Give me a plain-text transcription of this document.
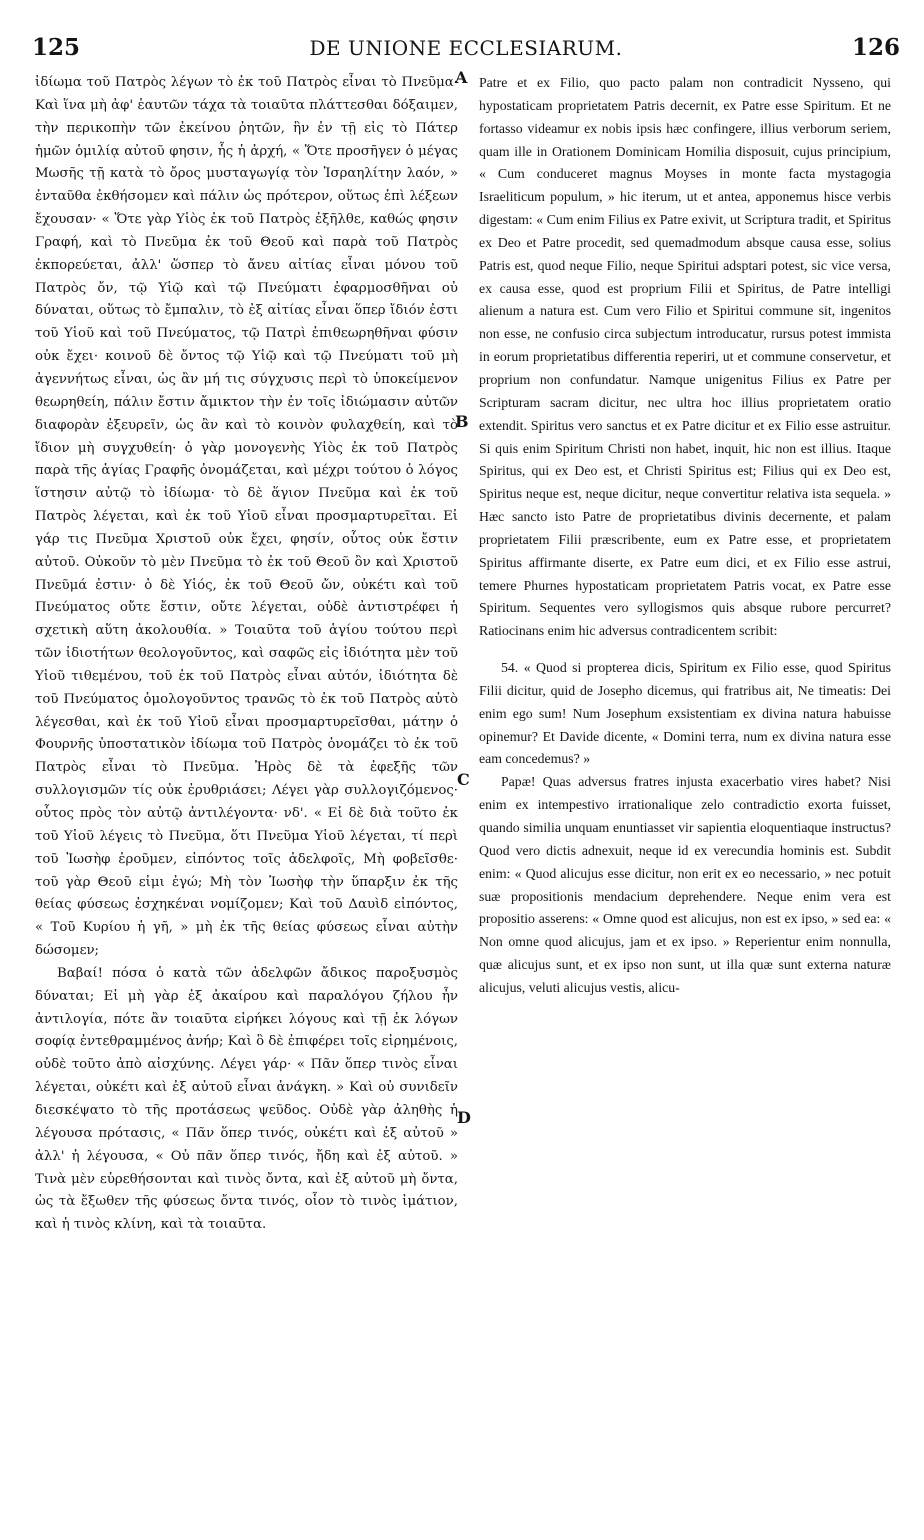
125	DE UNIONE ECCLESIARUM.	126

ἰδίωμα τοῦ Πατρὸς λέγων τὸ ἐκ τοῦ Πατρὸς εἶναι τὸ Πνεῦμα· Καὶ ἵνα μὴ ἀφ' ἑαυτῶν τάχα τὰ τοιαῦτα πλάττεσθαι δόξαιμεν, τὴν περικοπὴν τῶν ἐκείνου ῥητῶν, ἣν ἐν τῇ εἰς τὸ Πάτερ ἡμῶν ὁμιλίᾳ αὐτοῦ φησιν, ἧς ἡ ἀρχή, « Ὅτε προσῆγεν ὁ μέγας Μωσῆς τῇ κατὰ τὸ ὄρος μυσταγωγίᾳ τὸν Ἰσραηλίτην λαόν, » ἐνταῦθα ἐκθήσομεν καὶ πάλιν ὡς πρότερον, οὕτως ἐπὶ λέξεων ἔχουσαν· « Ὅτε γὰρ Υἱὸς ἐκ τοῦ Πατρὸς ἐξῆλθε, καθώς φησιν Γραφή, καὶ τὸ Πνεῦμα ἐκ τοῦ Θεοῦ καὶ παρὰ τοῦ Πατρὸς ἐκπορεύεται, ἀλλ' ὥσπερ τὸ ἄνευ αἰτίας εἶναι μόνου τοῦ Πατρὸς ὄν, τῷ Υἱῷ καὶ τῷ Πνεύματι ἐφαρμοσθῆναι οὐ δύναται, οὕτως τὸ ἔμπαλιν, τὸ ἐξ αἰτίας εἶναι ὅπερ ἴδιόν ἐστι τοῦ Υἱοῦ καὶ τοῦ Πνεύματος, τῷ Πατρὶ ἐπιθεωρηθῆναι φύσιν οὐκ ἔχει· κοινοῦ δὲ ὄντος τῷ Υἱῷ καὶ τῷ Πνεύματι τοῦ μὴ ἀγεννήτως εἶναι, ὡς ἂν μή τις σύγχυσις περὶ τὸ ὑποκείμενον θεωρηθείη, πάλιν ἔστιν ἄμικτον τὴν ἐν τοῖς ἰδιώμασιν αὐτῶν διαφορὰν ἐξευρεῖν, ὡς ἂν καὶ τὸ κοινὸν φυλαχθείη, καὶ τὸ ἴδιον μὴ συγχυθείη· ὁ γὰρ μονογενὴς Υἱὸς ἐκ τοῦ Πατρὸς παρὰ τῆς ἁγίας Γραφῆς ὀνομάζεται, καὶ μέχρι τούτου ὁ λόγος ἵστησιν αὐτῷ τὸ ἰδίωμα· τὸ δὲ ἅγιον Πνεῦμα καὶ ἐκ τοῦ Πατρὸς λέγεται, καὶ ἐκ τοῦ Υἱοῦ εἶναι προσμαρτυρεῖται. Εἰ γάρ τις Πνεῦμα Χριστοῦ οὐκ ἔχει, φησίν, οὗτος οὐκ ἔστιν αὐτοῦ. Οὐκοῦν τὸ μὲν Πνεῦμα τὸ ἐκ τοῦ Θεοῦ ὂν καὶ Χριστοῦ Πνεῦμά ἐστιν· ὁ δὲ Υἱός, ἐκ τοῦ Θεοῦ ὤν, οὐκέτι καὶ τοῦ Πνεύματος οὔτε ἔστιν, οὔτε λέγεται, οὐδὲ ἀντιστρέφει ἡ σχετικὴ αὕτη ἀκολουθία. » Τοιαῦτα τοῦ ἁγίου τούτου περὶ τῶν ἰδιοτήτων θεολογοῦντος, καὶ σαφῶς εἰς ἰδιότητα μὲν τοῦ Υἱοῦ τιθεμένου, τοῦ ἐκ τοῦ Πατρὸς εἶναι αὐτόν, ἰδιότητα δὲ τοῦ Πνεύματος ὁμολογοῦντος τρανῶς τὸ ἐκ τοῦ Πατρὸς αὐτὸ λέγεσθαι, καὶ ἐκ τοῦ Υἱοῦ εἶναι προσμαρτυρεῖσθαι, μάτην ὁ Φουρνῆς ὑποστατικὸν ἰδίωμα τοῦ Πατρὸς ὀνομάζει τὸ ἐκ τοῦ Πατρὸς εἶναι τὸ Πνεῦμα. Ἠρὸς δὲ τὰ ἐφεξῆς τῶν συλλογισμῶν τίς οὐκ ἐρυθριάσει; Λέγει γὰρ συλλογιζόμενος· οὗτος πρὸς τὸν αὐτῷ ἀντιλέγοντα· νδ'. « Εἰ δὲ διὰ τοῦτο ἐκ τοῦ Υἱοῦ λέγεις τὸ Πνεῦμα, ὅτι Πνεῦμα Υἱοῦ λέγεται, τί περὶ τοῦ Ἰωσὴφ ἐροῦμεν, εἰπόντος τοῖς ἀδελφοῖς, Μὴ φοβεῖσθε· τοῦ γὰρ Θεοῦ εἰμι ἐγώ; Μὴ τὸν Ἰωσὴφ τὴν ὕπαρξιν ἐκ τῆς θείας φύσεως ἐσχηκέναι νομίζομεν; Καὶ τοῦ Δαυὶδ εἰπόντος, « Τοῦ Κυρίου ἡ γῆ, » μὴ ἐκ τῆς θείας φύσεως εἶναι αὐτὴν δώσομεν;

Βαβαί! πόσα ὁ κατὰ τῶν ἀδελφῶν ἄδικος παροξυσμὸς δύναται; Εἰ μὴ γὰρ ἐξ ἀκαίρου καὶ παραλόγου ζήλου ἦν ἀντιλογία, πότε ἂν τοιαῦτα εἰρήκει λόγους καὶ τῇ ἐκ λόγων σοφίᾳ ἐντεθραμμένος ἀνήρ; Καὶ ὃ δὲ ἐπιφέρει τοῖς εἰρημένοις, οὐδὲ τοῦτο ἀπὸ αἰσχύνης. Λέγει γάρ· « Πᾶν ὅπερ τινὸς εἶναι λέγεται, οὐκέτι καὶ ἐξ αὐτοῦ εἶναι ἀνάγκη. » Καὶ οὐ συνιδεῖν διεσκέψατο τὸ τῆς προτάσεως ψεῦδος. Οὐδὲ γὰρ ἀληθὴς ἡ λέγουσα πρότασις, « Πᾶν ὅπερ τινός, οὐκέτι καὶ ἐξ αὐτοῦ » ἀλλ' ἡ λέγουσα, « Οὐ πᾶν ὅπερ τινός, ἤδη καὶ ἐξ αὐτοῦ. » Τινὰ μὲν εὑρεθήσονται καὶ τινὸς ὄντα, καὶ ἐξ αὐτοῦ μὴ ὄντα, ὡς τὰ ἔξωθεν τῆς φύσεως ὄντα τινός, οἷον τὸ τινὸς ἱμάτιον, καὶ ἡ τινὸς κλίνη, καὶ τὰ τοιαῦτα.

A
B
C
D

Patre et ex Filio, quo pacto palam non contradicit Nysseno, qui hypostaticam proprietatem Patris decernit, ex Patre esse Spiritum. Et ne fortasso videamur ex nobis ipsis hæc confingere, illius verborum seriem, quam ille in Orationem Dominicam Homilia disposuit, cujus principium, « Cum conduceret magnus Moyses in monte facta mystagogia Israeliticum populum, » hic iterum, ut et antea, apponemus hisce verbis digestam: « Cum enim Filius ex Patre exivit, ut Scriptura tradit, et Spiritus ex Deo et Patre procedit, sed quemadmodum absque causa esse, solius Patris est, quod neque Filio, neque Spiritui adsptari potest, sic vice versa, ex causa esse, quod est proprium Filii et Spiritus, de Patre intelligi alienum a natura est. Cum vero Filio et Spiritui commune sit, ingenitos non esse, ne confusio circa subjectum introducatur, rursus potest immista in eorum proprietatibus differentia reperiri, ut et commune conservetur, et proprium non confundatur. Namque unigenitus Filius ex Patre per Scripturam sacram dicitur, nec ultra hoc illius proprietatem oratio extendit. Spiritus vero sanctus et ex Patre dicitur et ex Filio esse astruitur. Si quis enim Spiritum Christi non habet, inquit, hic non est illius. Itaque Spiritus, qui ex Deo est, et Christi Spiritus est; Filius qui ex Deo est, Spiritus neque est, neque dicitur, neque convertitur relativa ista sequela. » Hæc sancto isto Patre de proprietatibus divinis decernente, et palam proprietatem Filii præscribente, eum ex Patre esse, et proprietatem Spiritus affirmante diserte, ex Patre eum dici, et ex Filio esse astrui, temere Phurnes hypostaticam proprietatem Patris vocat, ex Patre esse Spiritum. Sequentes vero syllogismos quis absque rubore percurret? Ratiocinans enim hic adversus contradicentem scribit:

54. « Quod si propterea dicis, Spiritum ex Filio esse, quod Spiritus Filii dicitur, quid de Josepho dicemus, qui fratribus ait, Ne timeatis: Dei enim ego sum! Num Josephum exsistentiam ex divina natura habuisse opinemur? Et Davide dicente, « Domini terra, num ex divina natura esse eam concedemus? »

Papæ! Quas adversus fratres injusta exacerbatio vires habet? Nisi enim ex intempestivo irrationalique zelo contradictio exorta fuisset, quando similia unquam enuntiasset vir sapientia eloquentiaque instructus? Quod vero dictis adnexuit, neque id ex verecundia hominis est. Subdit enim: « Quod alicujus esse dicitur, non erit ex eo necessario, » nec potuit suæ propositionis mendacium deprehendere. Neque enim vera est propositio asserens: « Omne quod est alicujus, non est ex ipso, » sed ea: « Non omne quod alicujus, jam et ex ipso. » Reperientur enim nonnulla, quæ alicujus sunt, et ex ipso non sunt, ut illa quæ sunt externa naturæ alicujus, veluti alicujus vestis, alicu-
